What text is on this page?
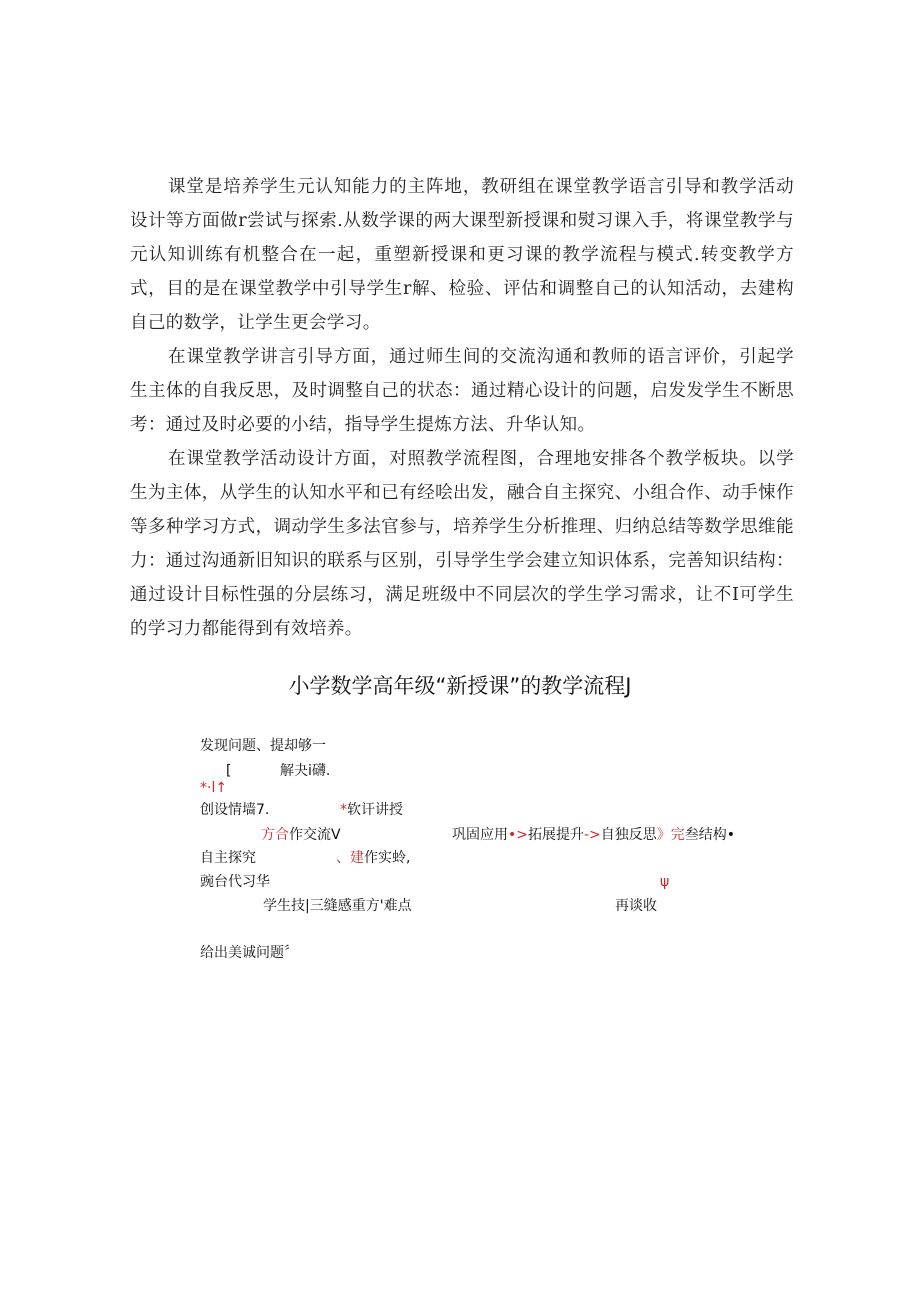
课堂是培养学生元认知能力的主阵地，教研组在课堂教学语言引导和教学活动设计等方面做r尝试与探索.从数学课的两大课型新授课和熨习课入手，将课堂教学与元认知训练有机整合在一起，重塑新授课和更习课的教学流程与模式.转变教学方式，目的是在课堂教学中引导学生r解、检验、评估和调整自己的认知活动，去建构自己的数学，让学生更会学习。

在课堂教学讲言引导方面，通过师生间的交流沟通和教师的语言评价，引起学生主体的自我反思，及时调整自己的状态：通过精心设计的问题，启发发学生不断思考：通过及时必要的小结，指导学生提炼方法、升华认知。

在课堂教学活动设计方面，对照教学流程图，合理地安排各个教学板块。以学生为主体，从学生的认知水平和已有经哙出发，融合自主探究、小组合作、动手悚作等多种学习方式，调动学生多法官参与，培养学生分析推理、归纳总结等数学思维能力：通过沟通新旧知识的联系与区别，引导学生学会建立知识体系，完善知识结构：通过设计目标性强的分层练习，满足班级中不同层次的学生学习需求，让不I可学生的学习力都能得到有效培养。

小学数学高年级“新授课”的教学流程J
发现问题、提却够一
[	解夬i礴.
*·l↑
创设情墙7.	*软讦讲授
方合作交流V	巩固应用•>拓展提升->自独反思》完叁结构•
自主探究	、建作实蛉,
豌台代习华	ψ
学生技|三缝感重方'难点	再谈收
给出美诚问题〞
